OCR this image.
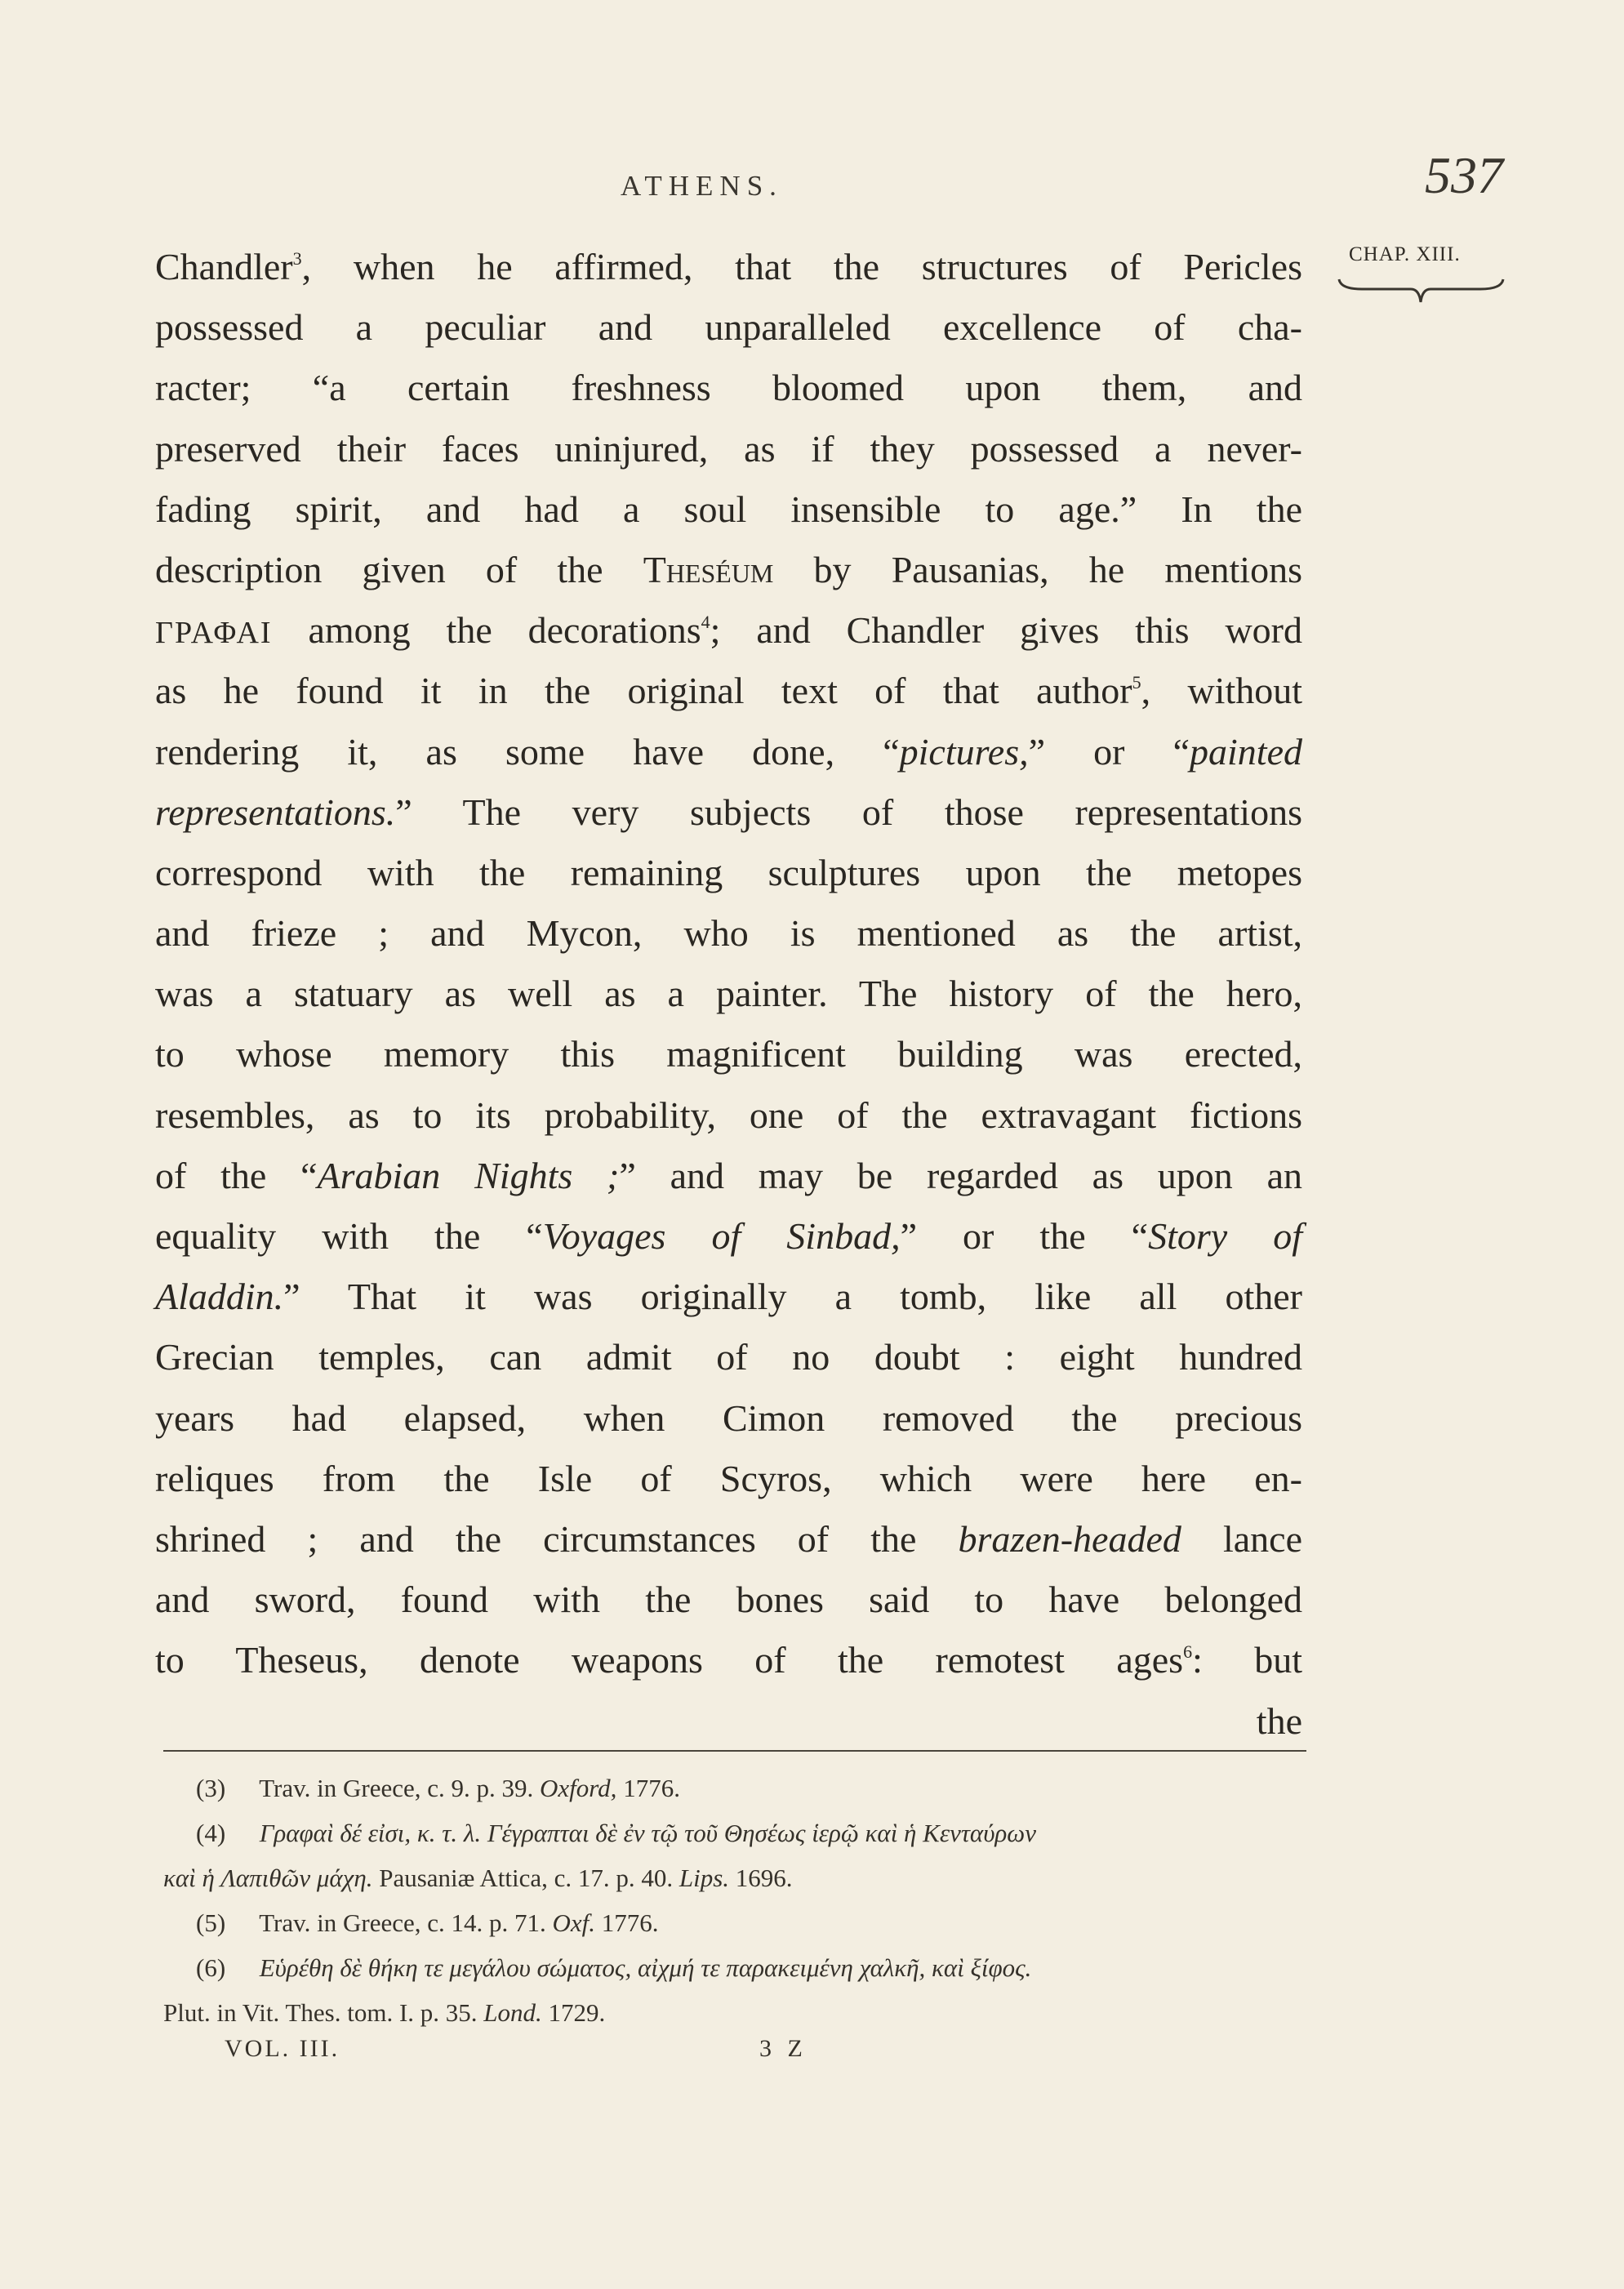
ATHENS.	537
CHAP. XIII.
Chandler$^3$, when he affirmed, that the structures of Pericles
possessed a peculiar and unparalleled excellence of cha-
racter; “a certain freshness bloomed upon them, and
preserved their faces uninjured, as if they possessed a never-
fading spirit, and had a soul insensible to age.” In the
description given of the Theséum by Pausanias, he mentions
ΓΡΑΦΑΙ among the decorations$^4$; and Chandler gives this word
as he found it in the original text of that author$^5$, without
rendering it, as some have done, “pictures,” or “painted
representations.” The very subjects of those representations
correspond with the remaining sculptures upon the metopes
and frieze ; and Mycon, who is mentioned as the artist,
was a statuary as well as a painter. The history of the hero,
to whose memory this magnificent building was erected,
resembles, as to its probability, one of the extravagant fictions
of the “Arabian Nights ;” and may be regarded as upon an
equality with the “Voyages of Sinbad,” or the “Story of
Aladdin.” That it was originally a tomb, like all other
Grecian temples, can admit of no doubt : eight hundred
years had elapsed, when Cimon removed the precious
reliques from the Isle of Scyros, which were here en-
shrined ; and the circumstances of the brazen-headed lance
and sword, found with the bones said to have belonged
to Theseus, denote weapons of the remotest ages$^6$: but
the
(3) Trav. in Greece, c. 9. p. 39. Oxford, 1776.
(4) Γραφαὶ δέ εἰσι, κ. τ. λ. Γέγραπται δὲ ἐν τῷ τοῦ Θησέως ἱερῷ καὶ ἡ Κενταύρων
καὶ ἡ Λαπιθῶν μάχη. Pausaniæ Attica, c. 17. p. 40. Lips. 1696.
(5) Trav. in Greece, c. 14. p. 71. Oxf. 1776.
(6) Εὑρέθη δὲ θήκη τε μεγάλου σώματος, αἰχμή τε παρακειμένη χαλκῆ, καὶ ξίφος.
Plut. in Vit. Thes. tom. I. p. 35. Lond. 1729.
VOL. III.	3 Z
